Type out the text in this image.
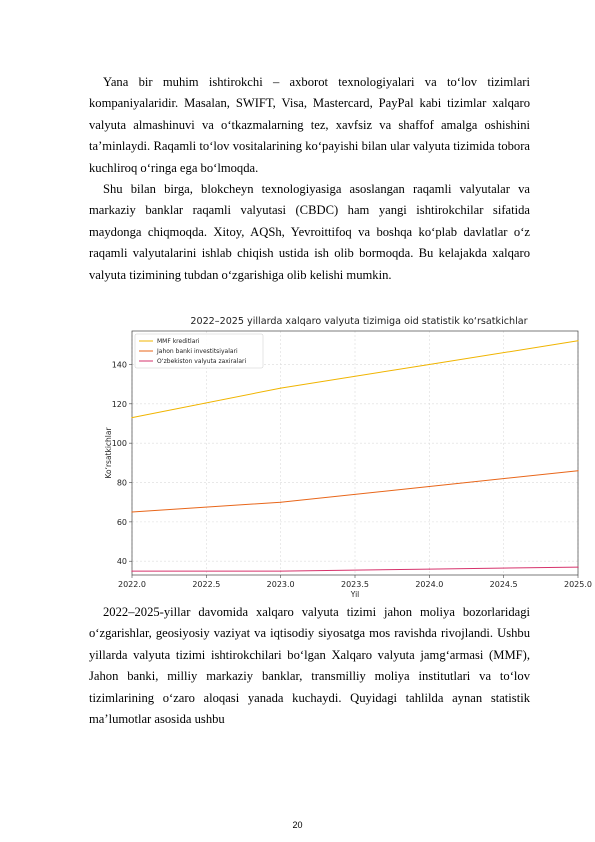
Yana bir muhim ishtirokchi – axborot texnologiyalari va to‘lov tizimlari kompaniyalaridir. Masalan, SWIFT, Visa, Mastercard, PayPal kabi tizimlar xalqaro valyuta almashinuvi va o‘tkazmalarning tez, xavfsiz va shaffof amalga oshishini ta’minlaydi. Raqamli to‘lov vositalarining ko‘payishi bilan ular valyuta tizimida tobora kuchliroq o‘ringa ega bo‘lmoqda.

Shu bilan birga, blokcheyn texnologiyasiga asoslangan raqamli valyutalar va markaziy banklar raqamli valyutasi (CBDC) ham yangi ishtirokchilar sifatida maydonga chiqmoqda. Xitoy, AQSh, Yevroittifoq va boshqa ko‘plab davlatlar o‘z raqamli valyutalarini ishlab chiqish ustida ish olib bormoqda. Bu kelajakda xalqaro valyuta tizimining tubdan o‘zgarishiga olib kelishi mumkin.

2022–2025 yillarda xalqaro valyuta tizimiga oid statistik ko‘rsatkichlar
2022.0	2022.5	2023.0	2023.5	2024.0	2024.5	2025.0
40
60
80
100
120
140
Yil
Ko‘rsatkichlar
MMF kreditlari
Jahon banki investitsiyalari
O‘zbekiston valyuta zaxiralari

2022–2025-yillar davomida xalqaro valyuta tizimi jahon moliya bozorlaridagi o‘zgarishlar, geosiyosiy vaziyat va iqtisodiy siyosatga mos ravishda rivojlandi. Ushbu yillarda valyuta tizimi ishtirokchilari bo‘lgan Xalqaro valyuta jamg‘armasi (MMF), Jahon banki, milliy markaziy banklar, transmilliy moliya institutlari va to‘lov tizimlarining o‘zaro aloqasi yanada kuchaydi. Quyidagi tahlilda aynan statistik ma’lumotlar asosida ushbu

20
